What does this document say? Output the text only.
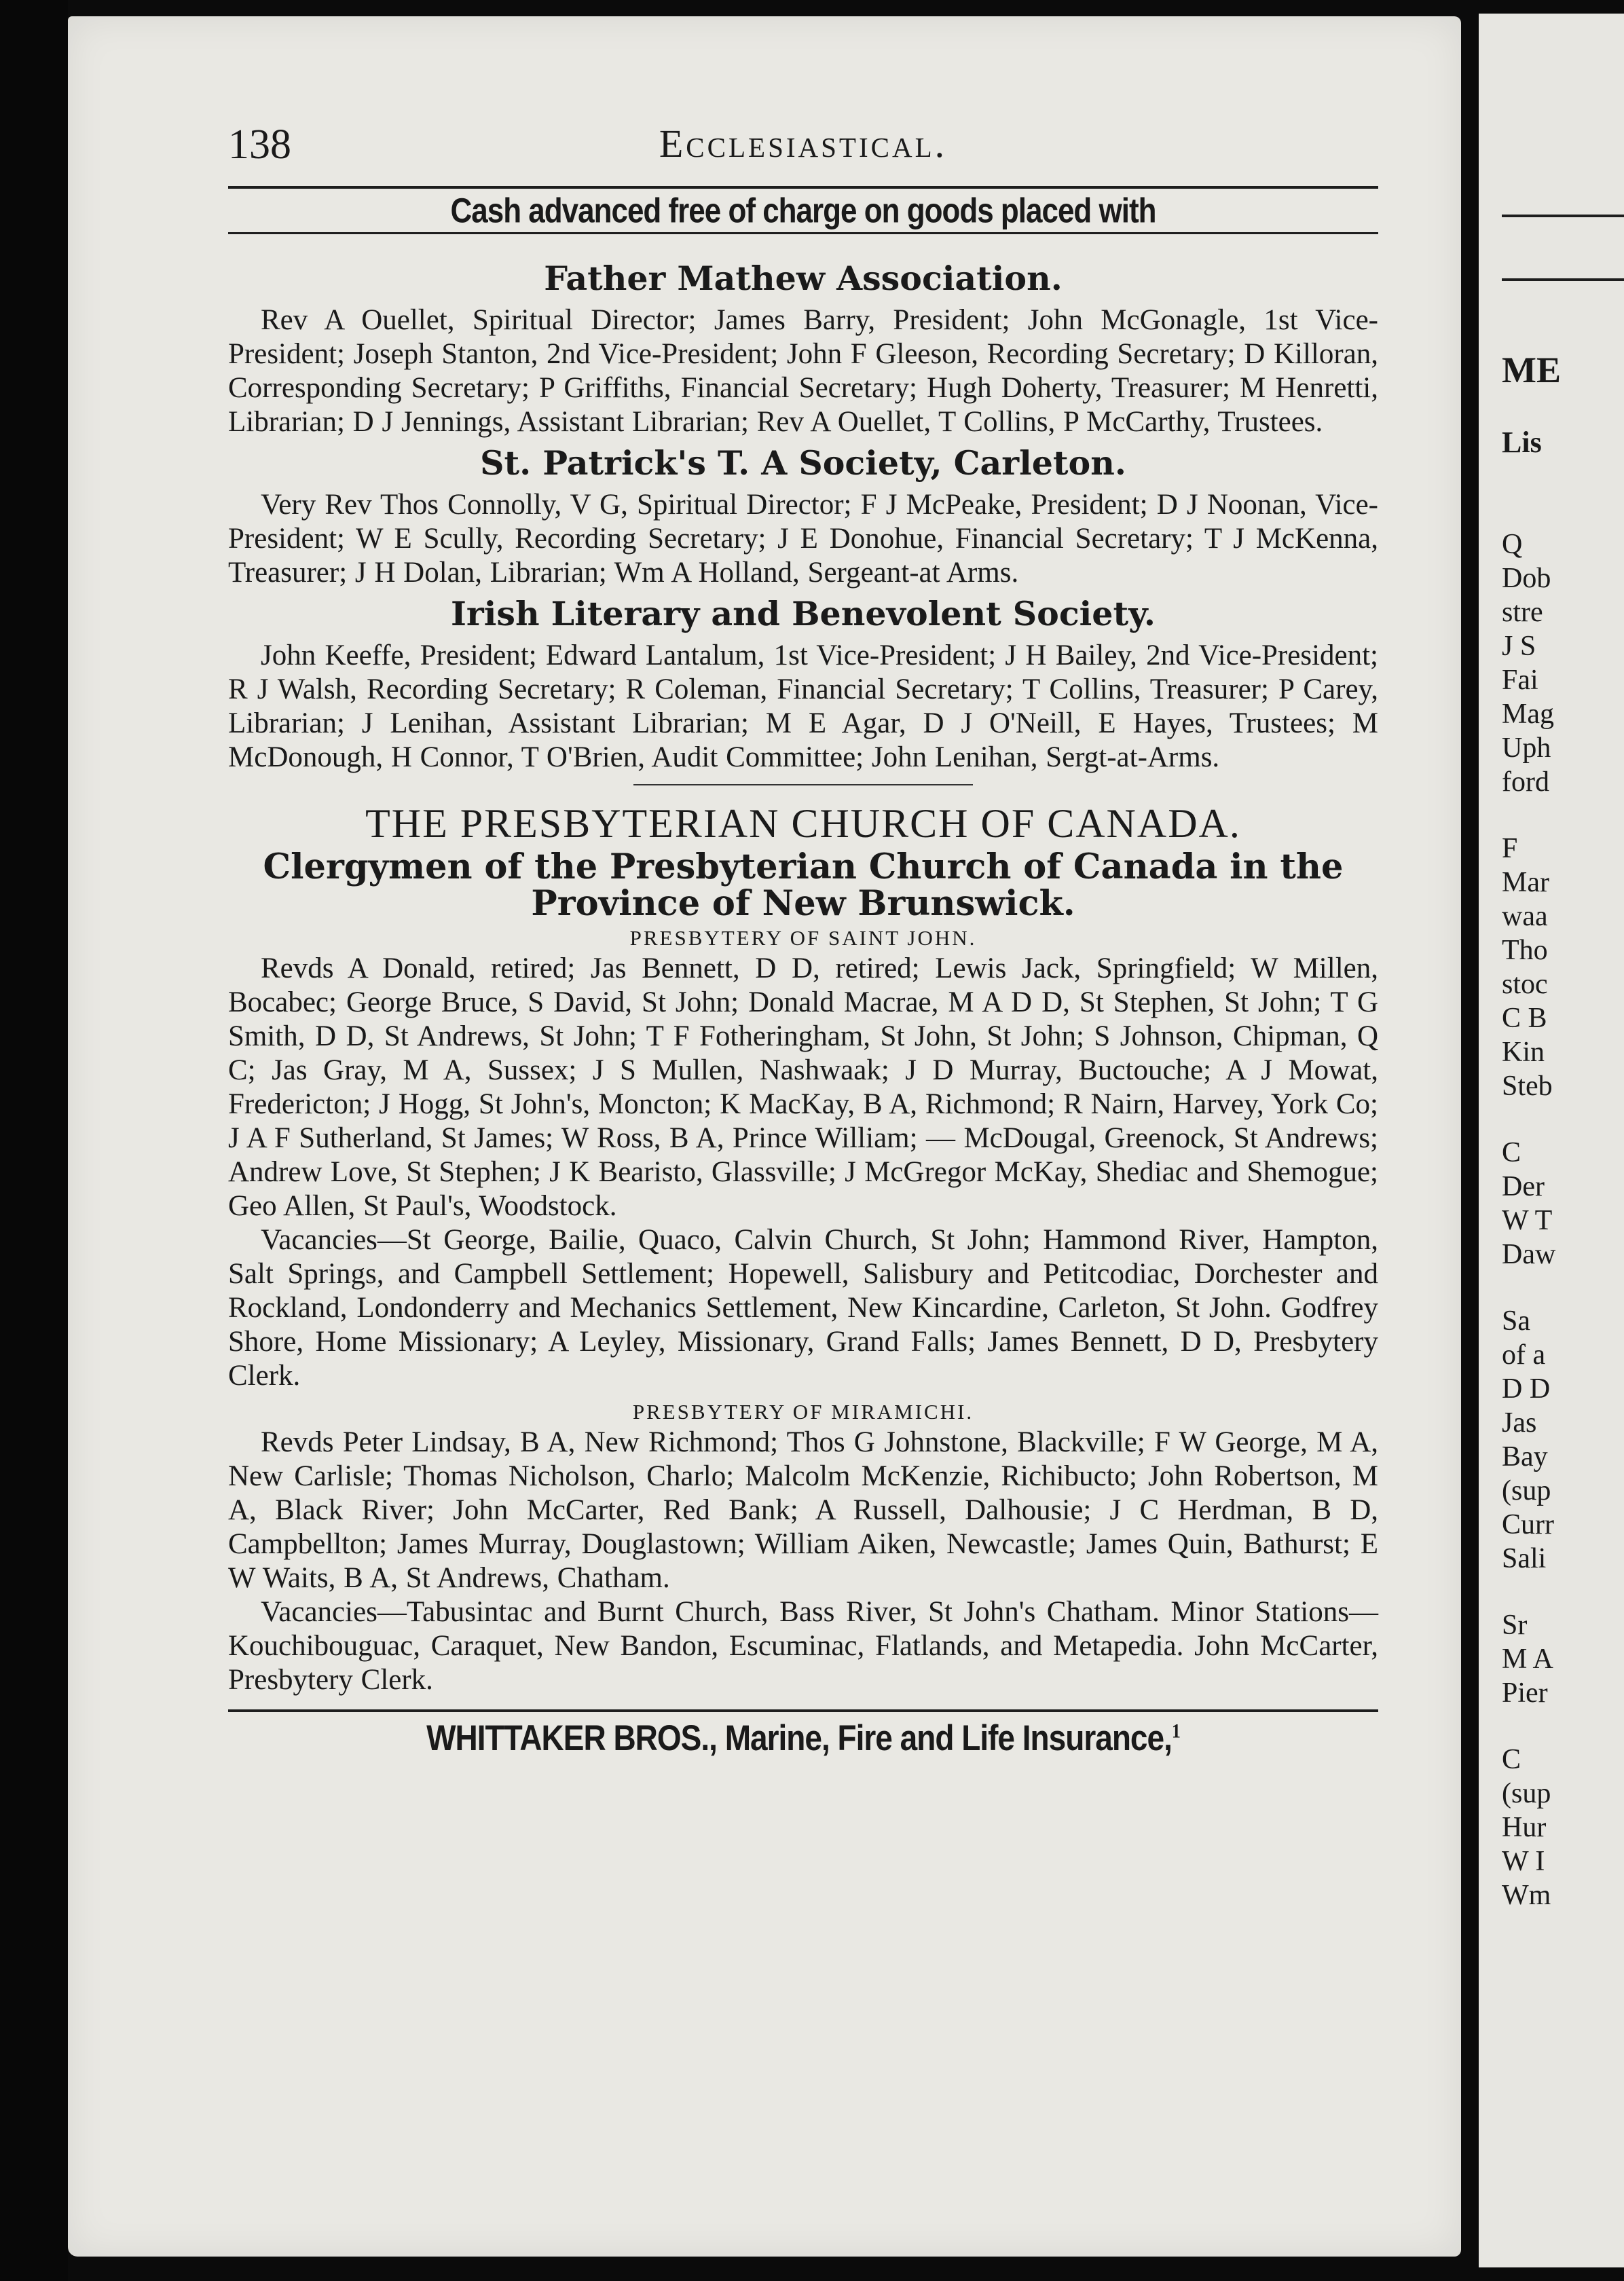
138	Ecclesiastical.
Cash advanced free of charge on goods placed with
Father Mathew Association.

Rev A Ouellet, Spiritual Director; James Barry, President; John McGonagle, 1st Vice-President; Joseph Stanton, 2nd Vice-President; John F Gleeson, Recording Secretary; D Killoran, Corresponding Secretary; P Griffiths, Financial Secretary; Hugh Doherty, Treasurer; M Henretti, Librarian; D J Jennings, Assistant Librarian; Rev A Ouellet, T Collins, P McCarthy, Trustees.

St. Patrick's T. A Society, Carleton.

Very Rev Thos Connolly, V G, Spiritual Director; F J McPeake, President; D J Noonan, Vice-President; W E Scully, Recording Secretary; J E Donohue, Financial Secretary; T J McKenna, Treasurer; J H Dolan, Librarian; Wm A Holland, Sergeant-at Arms.

Irish Literary and Benevolent Society.

John Keeffe, President; Edward Lantalum, 1st Vice-President; J H Bailey, 2nd Vice-President; R J Walsh, Recording Secretary; R Coleman, Financial Secretary; T Collins, Treasurer; P Carey, Librarian; J Lenihan, Assistant Librarian; M E Agar, D J O'Neill, E Hayes, Trustees; M McDonough, H Connor, T O'Brien, Audit Committee; John Lenihan, Sergt-at-Arms.

THE PRESBYTERIAN CHURCH OF CANADA.
Clergymen of the Presbyterian Church of Canada in the Province of New Brunswick.
PRESBYTERY OF SAINT JOHN.

Revds A Donald, retired; Jas Bennett, D D, retired; Lewis Jack, Springfield; W Millen, Bocabec; George Bruce, S David, St John; Donald Macrae, M A D D, St Stephen, St John; T G Smith, D D, St Andrews, St John; T F Fotheringham, St John, St John; S Johnson, Chipman, Q C; Jas Gray, M A, Sussex; J S Mullen, Nashwaak; J D Murray, Buctouche; A J Mowat, Fredericton; J Hogg, St John's, Moncton; K MacKay, B A, Richmond; R Nairn, Harvey, York Co; J A F Sutherland, St James; W Ross, B A, Prince William; — McDougal, Greenock, St Andrews; Andrew Love, St Stephen; J K Bearisto, Glassville; J McGregor McKay, Shediac and Shemogue; Geo Allen, St Paul's, Woodstock.

Vacancies—St George, Bailie, Quaco, Calvin Church, St John; Hammond River, Hampton, Salt Springs, and Campbell Settlement; Hopewell, Salisbury and Petitcodiac, Dorchester and Rockland, Londonderry and Mechanics Settlement, New Kincardine, Carleton, St John. Godfrey Shore, Home Missionary; A Leyley, Missionary, Grand Falls; James Bennett, D D, Presbytery Clerk.

PRESBYTERY OF MIRAMICHI.

Revds Peter Lindsay, B A, New Richmond; Thos G Johnstone, Blackville; F W George, M A, New Carlisle; Thomas Nicholson, Charlo; Malcolm McKenzie, Richibucto; John Robertson, M A, Black River; John McCarter, Red Bank; A Russell, Dalhousie; J C Herdman, B D, Campbellton; James Murray, Douglastown; William Aiken, Newcastle; James Quin, Bathurst; E W Waits, B A, St Andrews, Chatham.

Vacancies—Tabusintac and Burnt Church, Bass River, St John's Chatham. Minor Stations—Kouchibouguac, Caraquet, New Bandon, Escuminac, Flatlands, and Metapedia. John McCarter, Presbytery Clerk.

WHITTAKER BROS., Marine, Fire and Life Insurance,$^1$
ME
Lis
Q
Dob
stre
J S
Fai
Mag
Uph
ford

F
Mar
waa
Tho
stoc
C B
Kin
Steb

C
Der
W T
Daw

Sa
of a
D D
Jas
Bay
(sup
Curr
Sali

Sr
M A
Pier

C
(sup
Hur
W I
Wm
